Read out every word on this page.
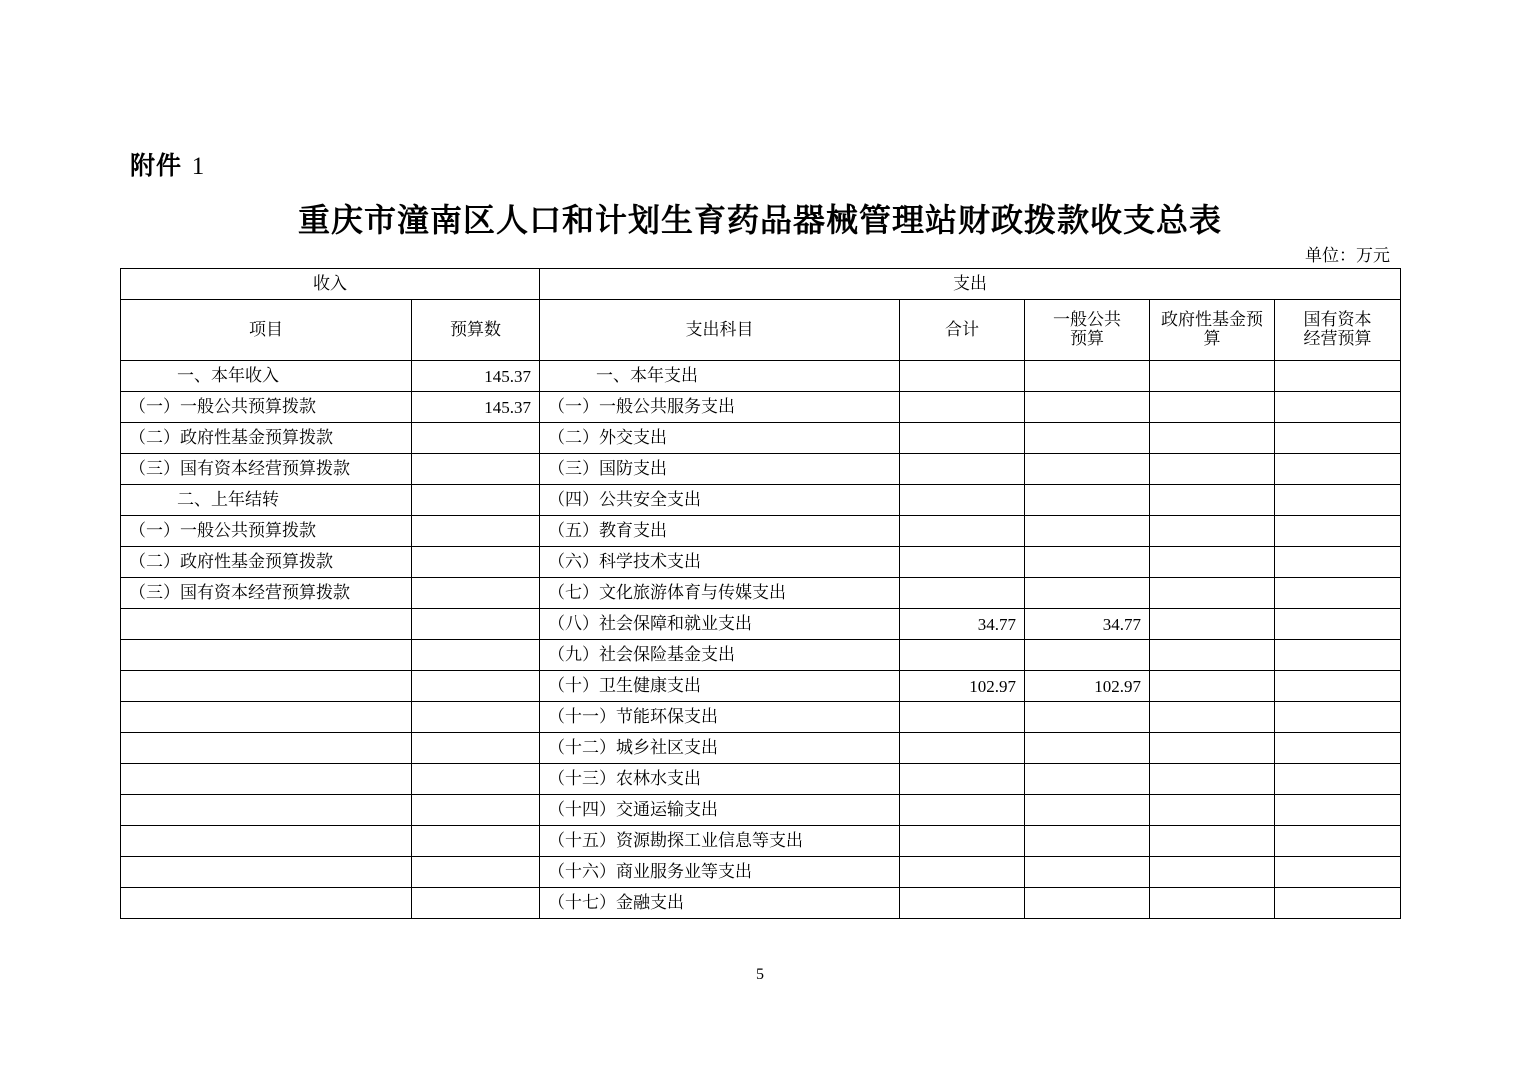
附件 1
重庆市潼南区人口和计划生育药品器械管理站财政拨款收支总表
单位：万元
收入		支出				
项目	预算数	支出科目	合计	一般公共预算	政府性基金预算	国有资本经营预算
一、本年收入	145.37	一、本年支出				
（一）一般公共预算拨款	145.37	（一）一般公共服务支出				
（二）政府性基金预算拨款		（二）外交支出				
（三）国有资本经营预算拨款		（三）国防支出				
二、上年结转		（四）公共安全支出				
（一）一般公共预算拨款		（五）教育支出				
（二）政府性基金预算拨款		（六）科学技术支出				
（三）国有资本经营预算拨款		（七）文化旅游体育与传媒支出				
		（八）社会保障和就业支出	34.77	34.77		
		（九）社会保险基金支出				
		（十）卫生健康支出	102.97	102.97		
		（十一）节能环保支出				
		（十二）城乡社区支出				
		（十三）农林水支出				
		（十四）交通运输支出				
		（十五）资源勘探工业信息等支出				
		（十六）商业服务业等支出				
		（十七）金融支出				
5
